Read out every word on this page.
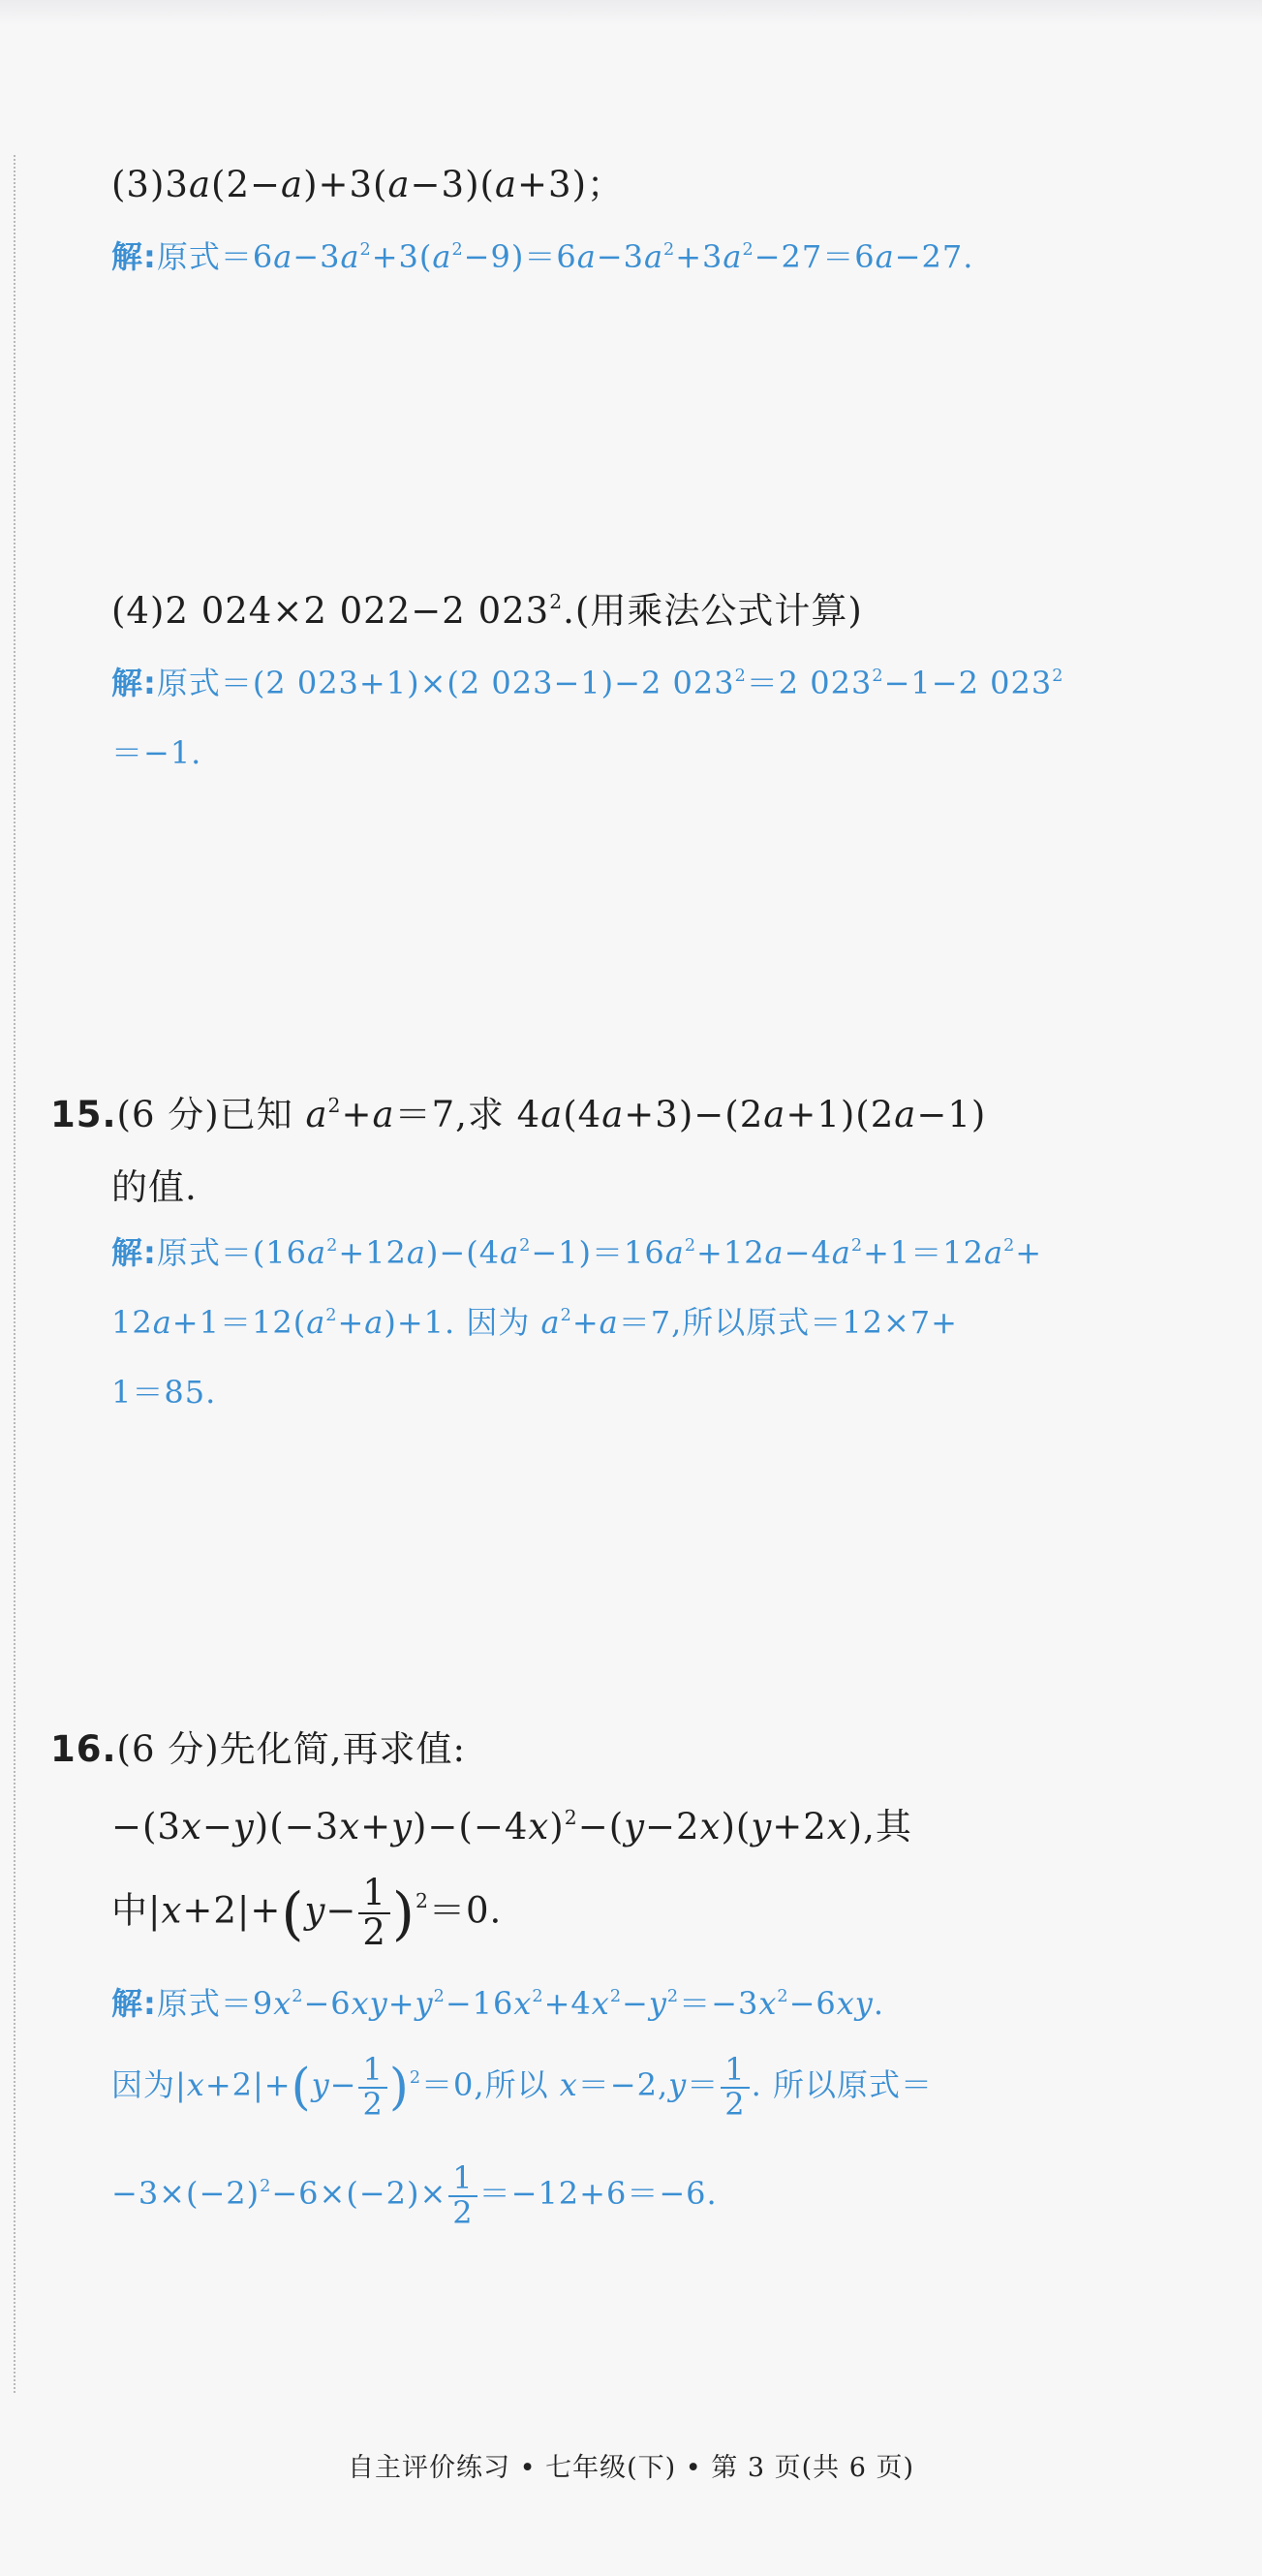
(3)3a(2−a)+3(a−3)(a+3)；
解:原式$=6a-3a^2+3(a^2-9)=6a-3a^2+3a^2-27=6a-27$.
(4)2 024×2 022−2 $023^2$.(用乘法公式计算)
解:原式＝(2 023+1)×(2 023−1)−2 $023^2=2$ $023^2-1-2$ $023^2$
＝−1.
15.(6 分)已知 $a^2+a=7$,求 4a(4a+3)−(2a+1)(2a−1)
的值.
解:原式$=(16a^2+12a)-(4a^2-1)=16a^2+12a-4a^2+1=12a^2+$
$12a+1=12(a^2+a)+1$. 因为 $a^2+a=7$,所以原式＝12×7+
1＝85.
16.(6 分)先化简,再求值:
$-(3x-y)(-3x+y)-(-4x)^2-(y-2x)(y+2x)$,其
中$|x+2|+(y- \frac{1}{2} )^2=0$.
解:原式$=9x^2-6xy+y^2-16x^2+4x^2-y^2=-3x^2-6xy$.
因为$|x+2|+(y- \frac{1}{2} )^2=0$,所以 $x=-2,y= \frac{1}{2}$ . 所以原式＝
$-3\times(-2)^2-6\times(-2)\times \frac{1}{2} =-12+6=-6$.
自主评价练习 • 七年级(下) • 第 3 页(共 6 页)
